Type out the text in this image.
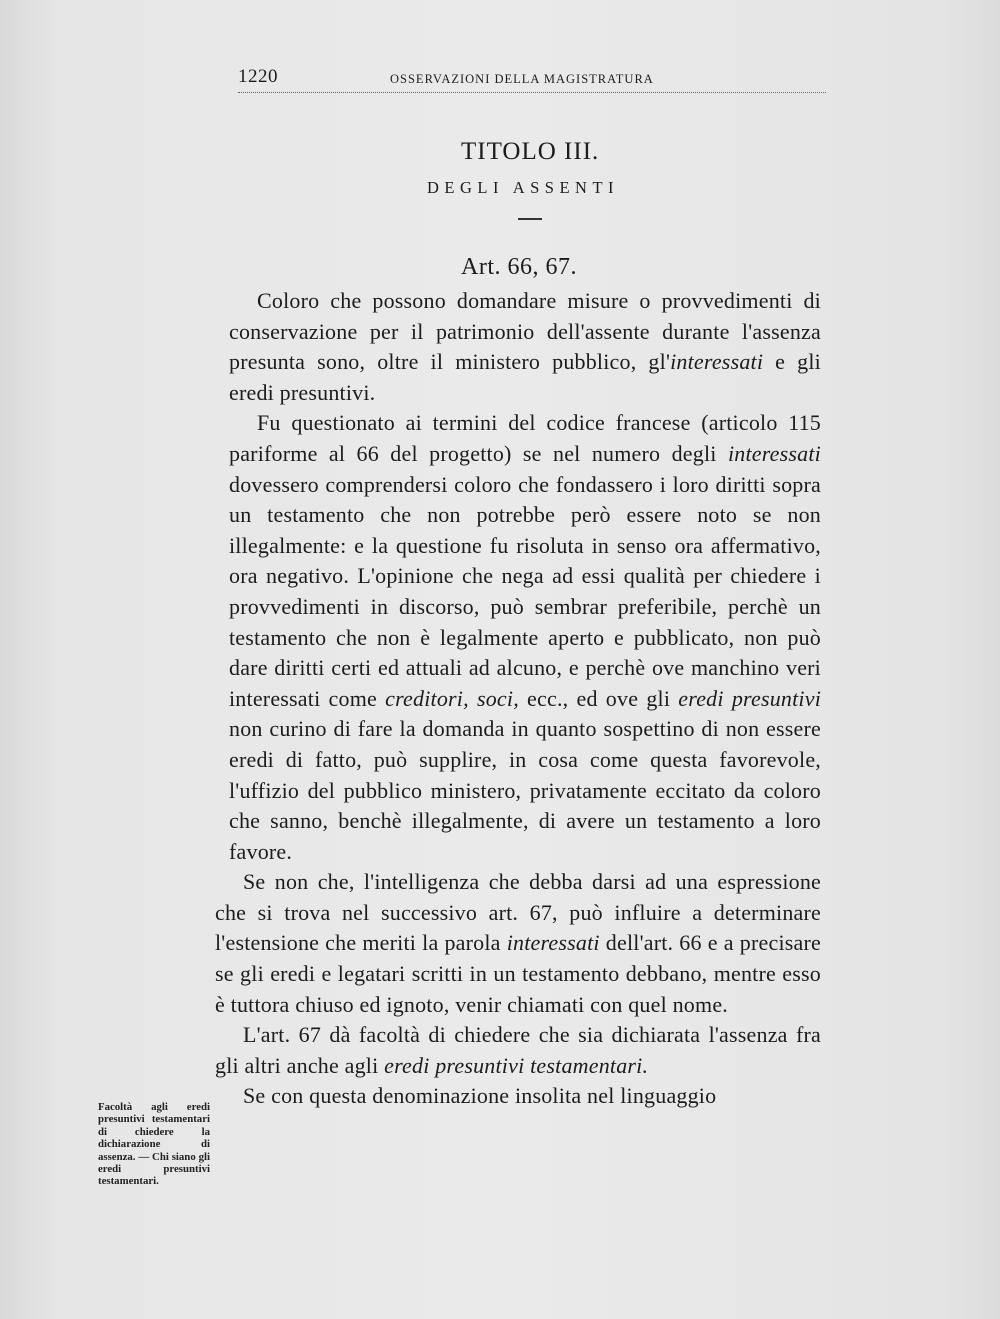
1220	OSSERVAZIONI DELLA MAGISTRATURA
TITOLO III.
DEGLI ASSENTI
Art. 66, 67.

Coloro che possono domandare misure o provvedimenti di conservazione per il patrimonio dell'assente durante l'assenza presunta sono, oltre il ministero pubblico, gl'interessati e gli eredi presuntivi.

Fu questionato ai termini del codice francese (articolo 115 pariforme al 66 del progetto) se nel numero degli interessati dovessero comprendersi coloro che fondassero i loro diritti sopra un testamento che non potrebbe però essere noto se non illegalmente: e la questione fu risoluta in senso ora affermativo, ora negativo. L'opinione che nega ad essi qualità per chiedere i provvedimenti in discorso, può sembrar preferibile, perchè un testamento che non è legalmente aperto e pubblicato, non può dare diritti certi ed attuali ad alcuno, e perchè ove manchino veri interessati come creditori, soci, ecc., ed ove gli eredi presuntivi non curino di fare la domanda in quanto sospettino di non essere eredi di fatto, può supplire, in cosa come questa favorevole, l'uffizio del pubblico ministero, privatamente eccitato da coloro che sanno, benchè illegalmente, di avere un testamento a loro favore.

Se non che, l'intelligenza che debba darsi ad una espressione che si trova nel successivo art. 67, può influire a determinare l'estensione che meriti la parola interessati dell'art. 66 e a precisare se gli eredi e legatari scritti in un testamento debbano, mentre esso è tuttora chiuso ed ignoto, venir chiamati con quel nome.

L'art. 67 dà facoltà di chiedere che sia dichiarata l'assenza fra gli altri anche agli eredi presuntivi testamentari.

Se con questa denominazione insolita nel linguaggio

Facoltà agli eredi presuntivi testamentari di chiedere la dichiarazione di assenza. — Chi siano gli eredi presuntivi testamentari.
